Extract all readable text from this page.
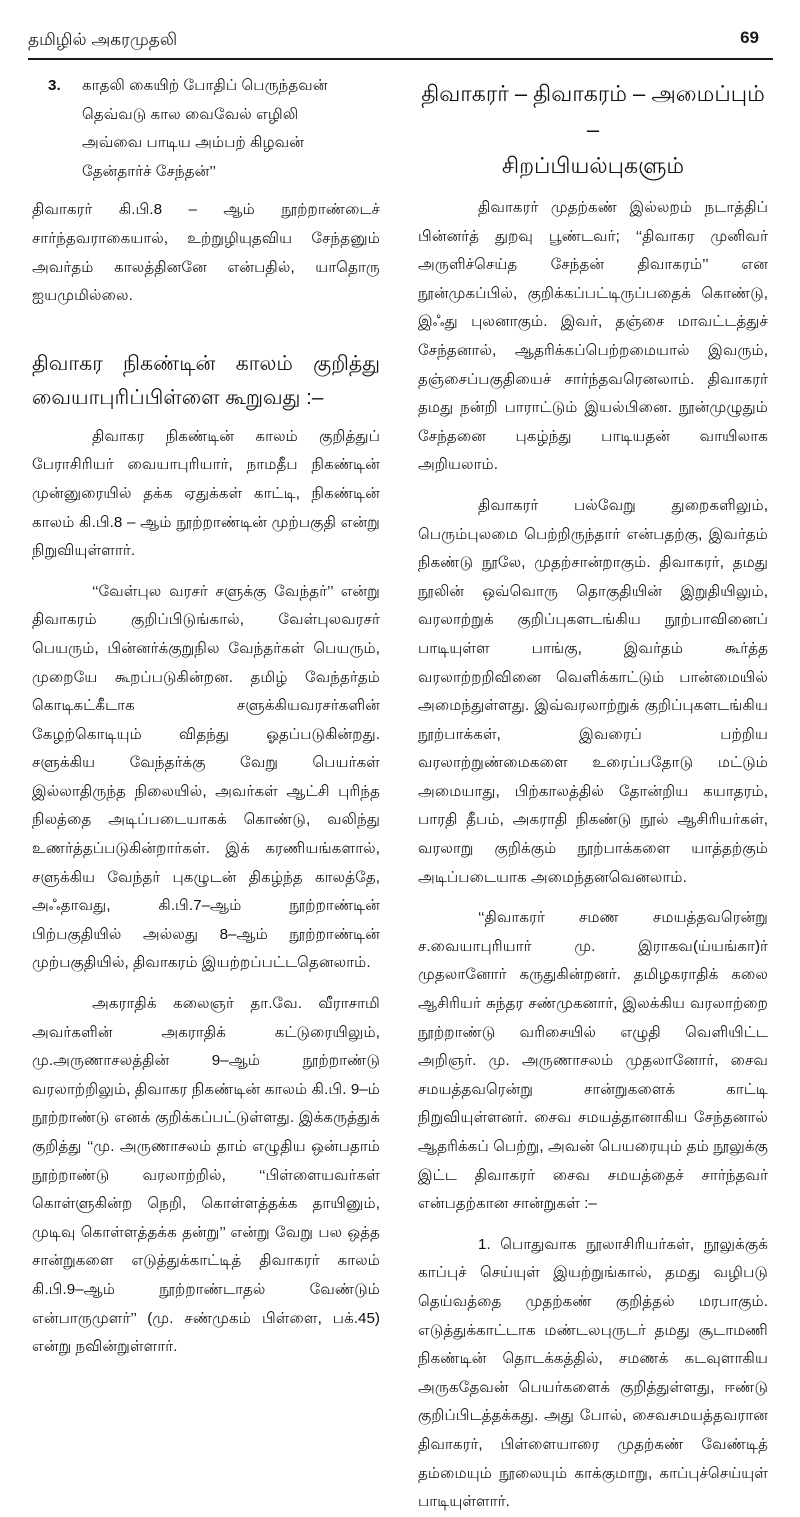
தமிழில் அகரமுதலி	69
3. காதலி கையிற் போதிப் பெருந்தவன்
தெவ்வடு கால வைவேல் எழிலி
அவ்வை பாடிய அம்பற் கிழவன்
தேன்தார்ச் சேந்தன்’’

திவாகரர் கி.பி.8 – ஆம் நூற்றாண்டைச் சார்ந்தவராகையால், உற்றுழியுதவிய சேந்தனும் அவர்தம் காலத்தினனே என்பதில், யாதொரு ஐயமுமில்லை.

திவாகர நிகண்டின் காலம் குறித்து
வையாபுரிப்பிள்ளை கூறுவது :–

திவாகர நிகண்டின் காலம் குறித்துப் பேராசிரியர் வையாபுரியார், நாமதீப நிகண்டின் முன்னுரையில் தக்க ஏதுக்கள் காட்டி, நிகண்டின் காலம் கி.பி.8 – ஆம் நூற்றாண்டின் முற்பகுதி என்று நிறுவியுள்ளார்.

‘‘வேள்புல வரசர் சளுக்கு வேந்தர்’’ என்று திவாகரம் குறிப்பிடுங்கால், வேள்புலவரசர் பெயரும், பின்னர்க்குறுநில வேந்தர்கள் பெயரும், முறையே கூறப்படுகின்றன. தமிழ் வேந்தர்தம் கொடிகட்கீடாக சளுக்கியவரசர்களின் கேழற்கொடியும் விதந்து ஓதப்படுகின்றது. சளுக்கிய வேந்தர்க்கு வேறு பெயர்கள் இல்லாதிருந்த நிலையில், அவர்கள் ஆட்சி புரிந்த நிலத்தை அடிப்படையாகக் கொண்டு, வலிந்து உணர்த்தப்படுகின்றார்கள். இக் கரணியங்களால், சளுக்கிய வேந்தர் புகழுடன் திகழ்ந்த காலத்தே, அஃதாவது, கி.பி.7–ஆம் நூற்றாண்டின் பிற்பகுதியில் அல்லது 8–ஆம் நூற்றாண்டின் முற்பகுதியில், திவாகரம் இயற்றப்பட்டதெனலாம்.

அகராதிக் கலைஞர் தா.வே. வீராசாமி அவர்களின் அகராதிக் கட்டுரையிலும், மு.அருணாசலத்தின் 9–ஆம் நூற்றாண்டு வரலாற்றிலும், திவாகர நிகண்டின் காலம் கி.பி. 9–ம் நூற்றாண்டு எனக் குறிக்கப்பட்டுள்ளது. இக்கருத்துக் குறித்து ‘‘மு. அருணாசலம் தாம் எழுதிய ஒன்பதாம் நூற்றாண்டு வரலாற்றில், ‘‘பிள்ளையவர்கள் கொள்ளுகின்ற நெறி, கொள்ளத்தக்க தாயினும், முடிவு கொள்ளத்தக்க தன்று’’ என்று வேறு பல ஒத்த சான்றுகளை எடுத்துக்காட்டித் திவாகரர் காலம் கி.பி.9–ஆம் நூற்றாண்டாதல் வேண்டும் என்பாருமுளர்’’ (மு. சண்முகம் பிள்ளை, பக்.45) என்று நவின்றுள்ளார்.

திவாகரர் – திவாகரம் – அமைப்பும் –
சிறப்பியல்புகளும்

திவாகரர் முதற்கண் இல்லறம் நடாத்திப் பின்னர்த் துறவு பூண்டவர்; ‘‘திவாகர முனிவர் அருளிச்செய்த சேந்தன் திவாகரம்’’ என நூன்முகப்பில், குறிக்கப்பட்டிருப்பதைக் கொண்டு, இஃது புலனாகும். இவர், தஞ்சை மாவட்டத்துச் சேந்தனால், ஆதரிக்கப்பெற்றமையால் இவரும், தஞ்சைப்பகுதியைச் சார்ந்தவரெனலாம். திவாகரர் தமது நன்றி பாராட்டும் இயல்பினை. நூன்முழுதும் சேந்தனை புகழ்ந்து பாடியதன் வாயிலாக அறியலாம்.

திவாகரர் பல்வேறு துறைகளிலும், பெரும்புலமை பெற்றிருந்தார் என்பதற்கு, இவர்தம் நிகண்டு நூலே, முதற்சான்றாகும். திவாகரர், தமது நூலின் ஒவ்வொரு தொகுதியின் இறுதியிலும், வரலாற்றுக் குறிப்புகளடங்கிய நூற்பாவினைப் பாடியுள்ள பாங்கு, இவர்தம் கூர்த்த வரலாற்றறிவினை வெளிக்காட்டும் பான்மையில் அமைந்துள்ளது. இவ்வரலாற்றுக் குறிப்புகளடங்கிய நூற்பாக்கள், இவரைப் பற்றிய வரலாற்றுண்மைகளை உரைப்பதோடு மட்டும் அமையாது, பிற்காலத்தில் தோன்றிய கயாதரம், பாரதி தீபம், அகராதி நிகண்டு நூல் ஆசிரியர்கள், வரலாறு குறிக்கும் நூற்பாக்களை யாத்தற்கும் அடிப்படையாக அமைந்தனவெனலாம்.

‘‘திவாகரர் சமண சமயத்தவரென்று ச.வையாபுரியார் மு. இராகவ(ய்யங்கா)ர் முதலானோர் கருதுகின்றனர். தமிழகராதிக் கலை ஆசிரியர் சுந்தர சண்முகனார், இலக்கிய வரலாற்றை நூற்றாண்டு வரிசையில் எழுதி வெளியிட்ட அறிஞர். மு. அருணாசலம் முதலானோர், சைவ சமயத்தவரென்று சான்றுகளைக் காட்டி நிறுவியுள்ளனர். சைவ சமயத்தானாகிய சேந்தனால் ஆதரிக்கப் பெற்று, அவன் பெயரையும் தம் நூலுக்கு இட்ட திவாகரர் சைவ சமயத்தைச் சார்ந்தவர் என்பதற்கான சான்றுகள் :–

1. பொதுவாக நூலாசிரியர்கள், நூலுக்குக் காப்புச் செய்யுள் இயற்றுங்கால், தமது வழிபடு தெய்வத்தை முதற்கண் குறித்தல் மரபாகும். எடுத்துக்காட்டாக மண்டலபுருடர் தமது சூடாமணி நிகண்டின் தொடக்கத்தில், சமணக் கடவுளாகிய அருகதேவன் பெயர்களைக் குறித்துள்ளது, ஈண்டு குறிப்பிடத்தக்கது. அது போல், சைவசமயத்தவரான திவாகரர், பிள்ளையாரை முதற்கண் வேண்டித் தம்மையும் நூலையும் காக்குமாறு, காப்புச்செய்யுள் பாடியுள்ளார்.
